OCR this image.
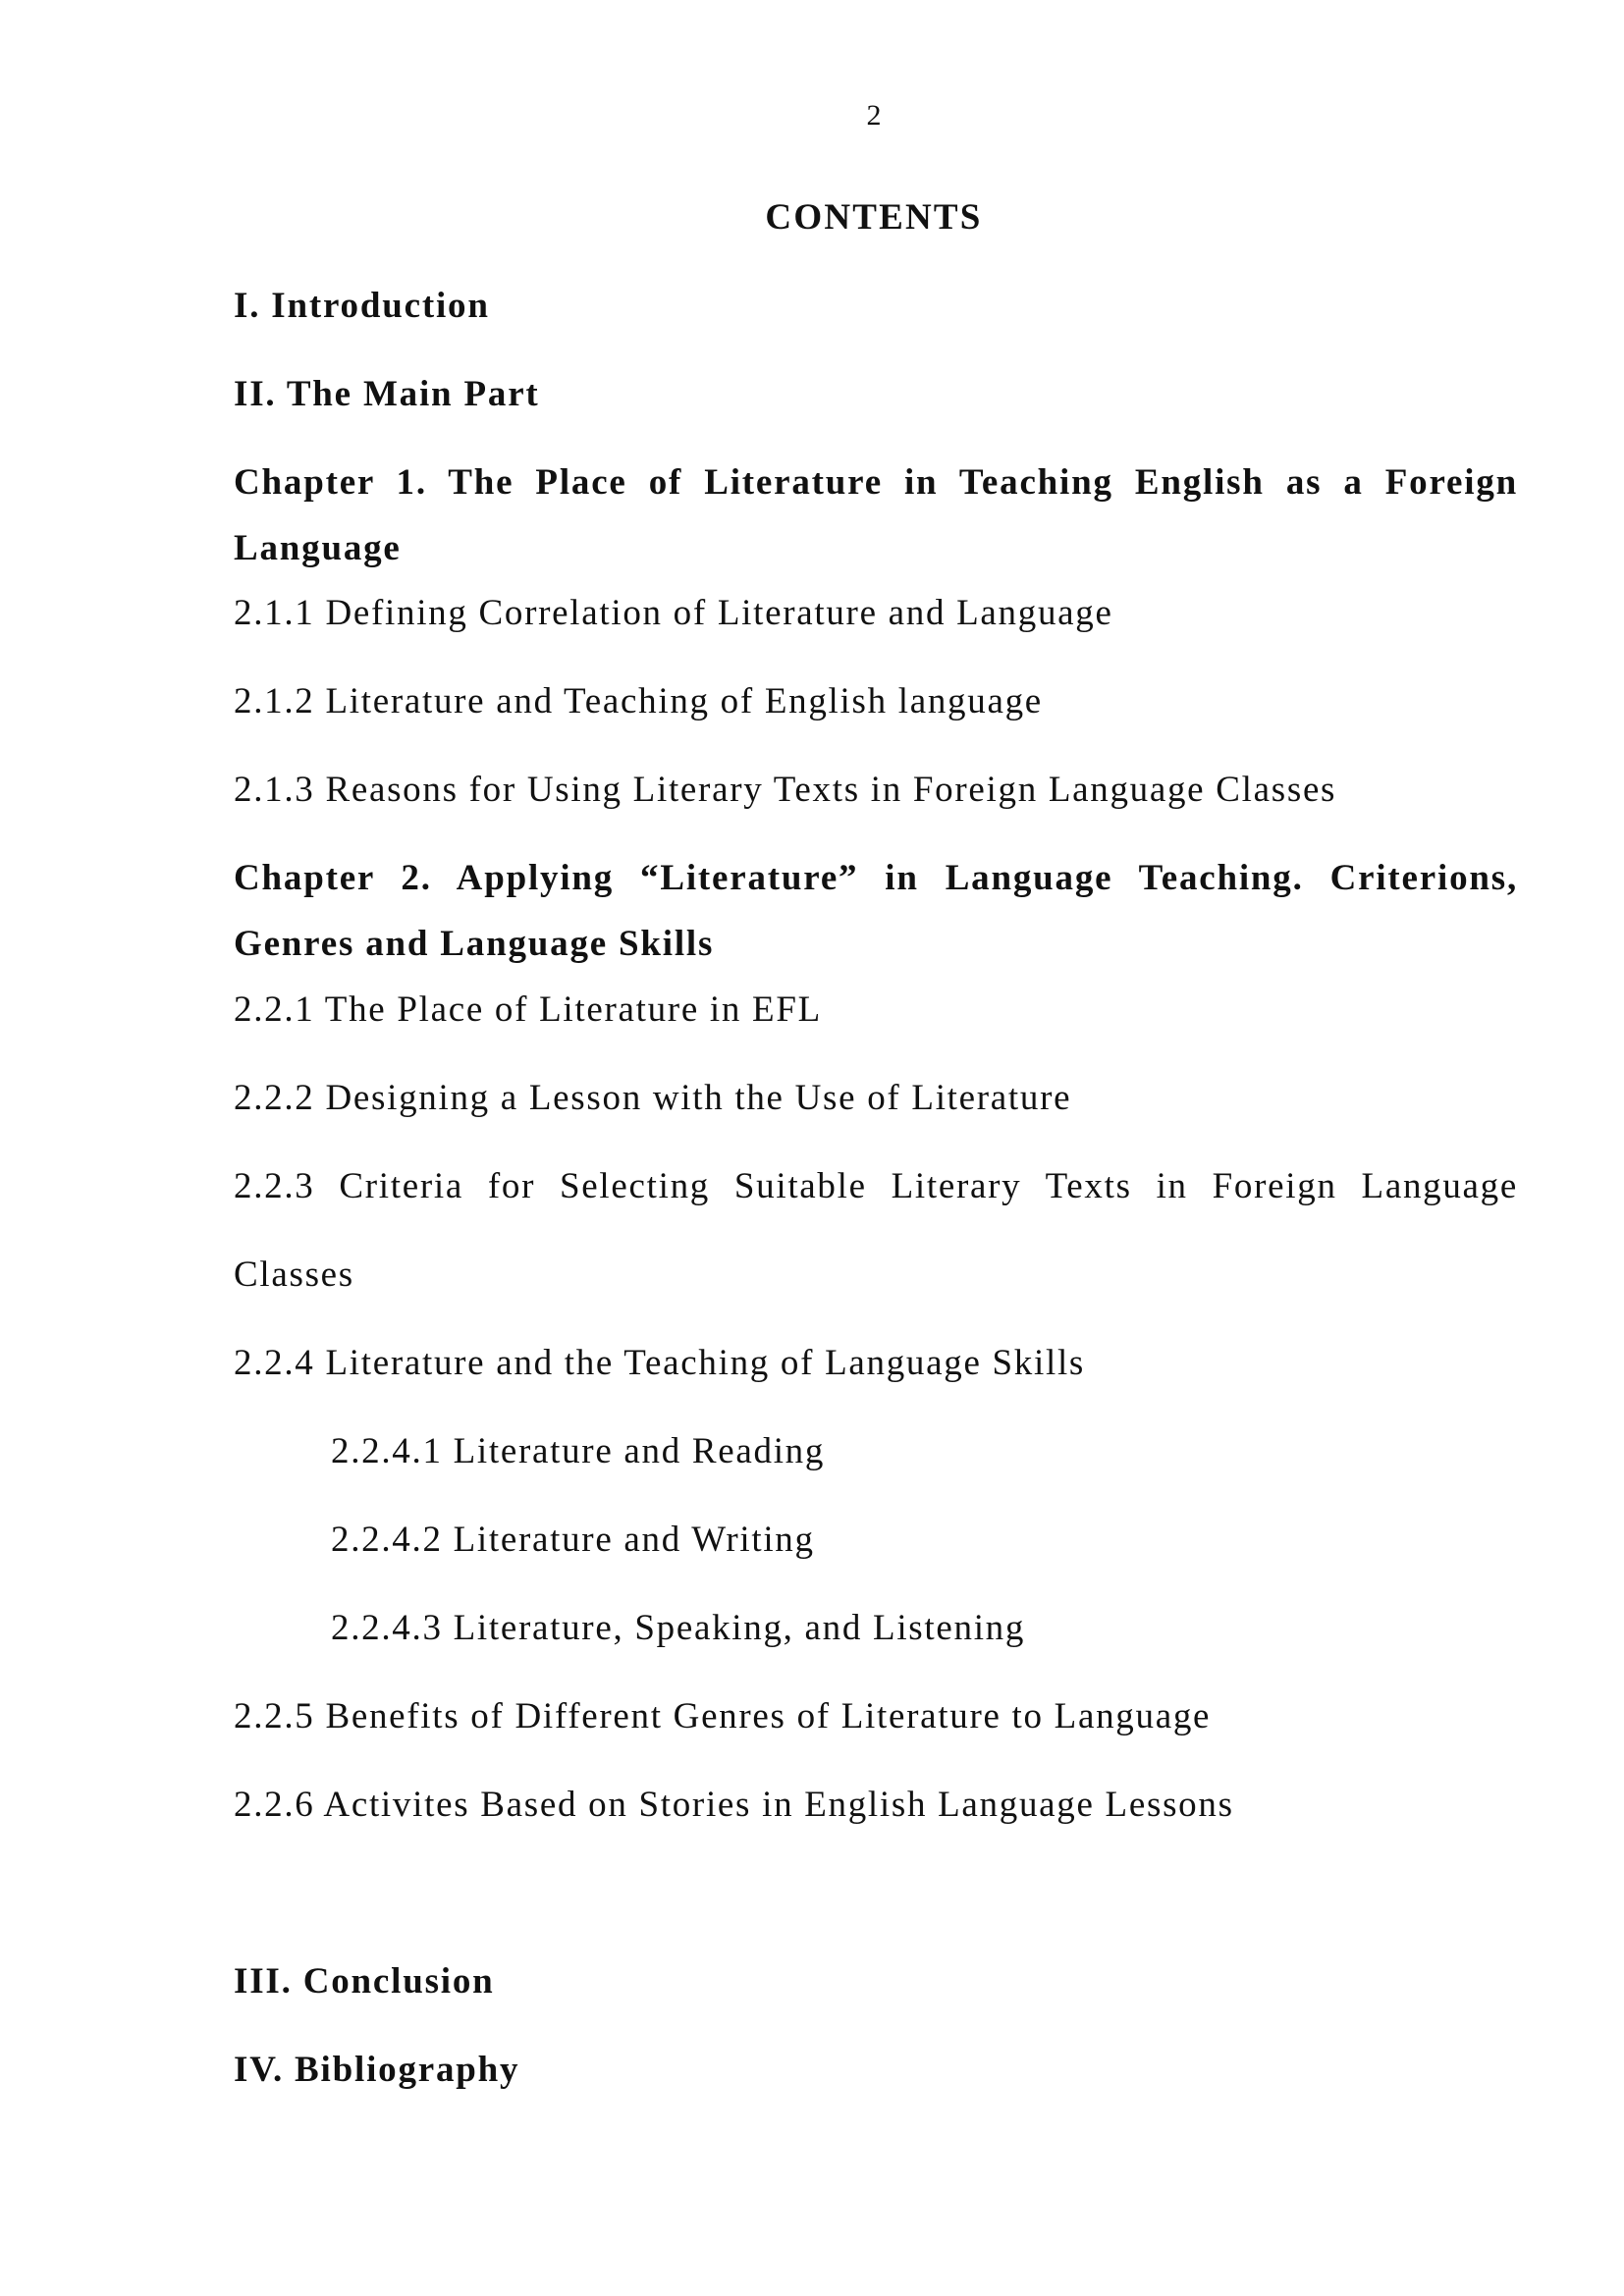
2
CONTENTS
I. Introduction
II. The Main Part
Chapter 1. The Place of Literature in Teaching English as a Foreign
Language
2.1.1 Defining Correlation of Literature and Language
2.1.2 Literature and Teaching of English language
2.1.3 Reasons for Using Literary Texts in Foreign Language Classes
Chapter 2. Applying “Literature” in Language Teaching. Criterions,
Genres and Language Skills
2.2.1 The Place of Literature in EFL
2.2.2 Designing a Lesson with the Use of Literature
2.2.3 Criteria for Selecting Suitable Literary Texts in Foreign Language
Classes
2.2.4 Literature and the Teaching of Language Skills
2.2.4.1 Literature and Reading
2.2.4.2 Literature and Writing
2.2.4.3 Literature, Speaking, and Listening
2.2.5 Benefits of Different Genres of Literature to Language
2.2.6 Activites Based on Stories in English Language Lessons
III. Conclusion
IV. Bibliography
